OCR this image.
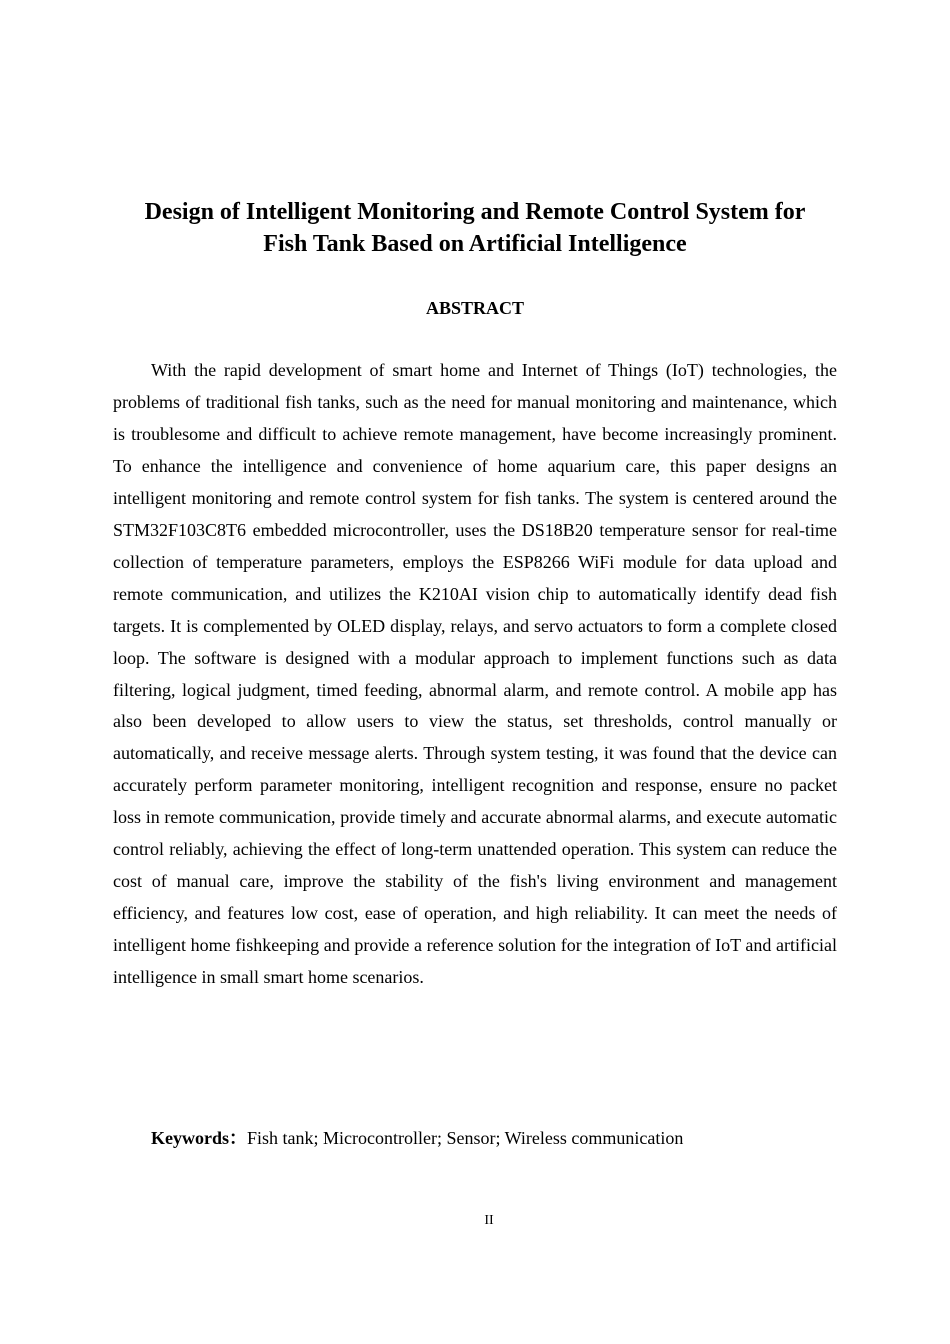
Design of Intelligent Monitoring and Remote Control System for
Fish Tank Based on Artificial Intelligence
ABSTRACT

With the rapid development of smart home and Internet of Things (IoT) technologies, the problems of traditional fish tanks, such as the need for manual monitoring and maintenance, which is troublesome and difficult to achieve remote management, have become increasingly prominent. To enhance the intelligence and convenience of home aquarium care, this paper designs an intelligent monitoring and remote control system for fish tanks. The system is centered around the STM32F103C8T6 embedded microcontroller, uses the DS18B20 temperature sensor for real-time collection of temperature parameters, employs the ESP8266 WiFi module for data upload and remote communication, and utilizes the K210AI vision chip to automatically identify dead fish targets. It is complemented by OLED display, relays, and servo actuators to form a complete closed loop. The software is designed with a modular approach to implement functions such as data filtering, logical judgment, timed feeding, abnormal alarm, and remote control. A mobile app has also been developed to allow users to view the status, set thresholds, control manually or automatically, and receive message alerts. Through system testing, it was found that the device can accurately perform parameter monitoring, intelligent recognition and response, ensure no packet loss in remote communication, provide timely and accurate abnormal alarms, and execute automatic control reliably, achieving the effect of long-term unattended operation. This system can reduce the cost of manual care, improve the stability of the fish's living environment and management efficiency, and features low cost, ease of operation, and high reliability. It can meet the needs of intelligent home fishkeeping and provide a reference solution for the integration of IoT and artificial intelligence in small smart home scenarios.

Keywords：Fish tank; Microcontroller; Sensor; Wireless communication

II
